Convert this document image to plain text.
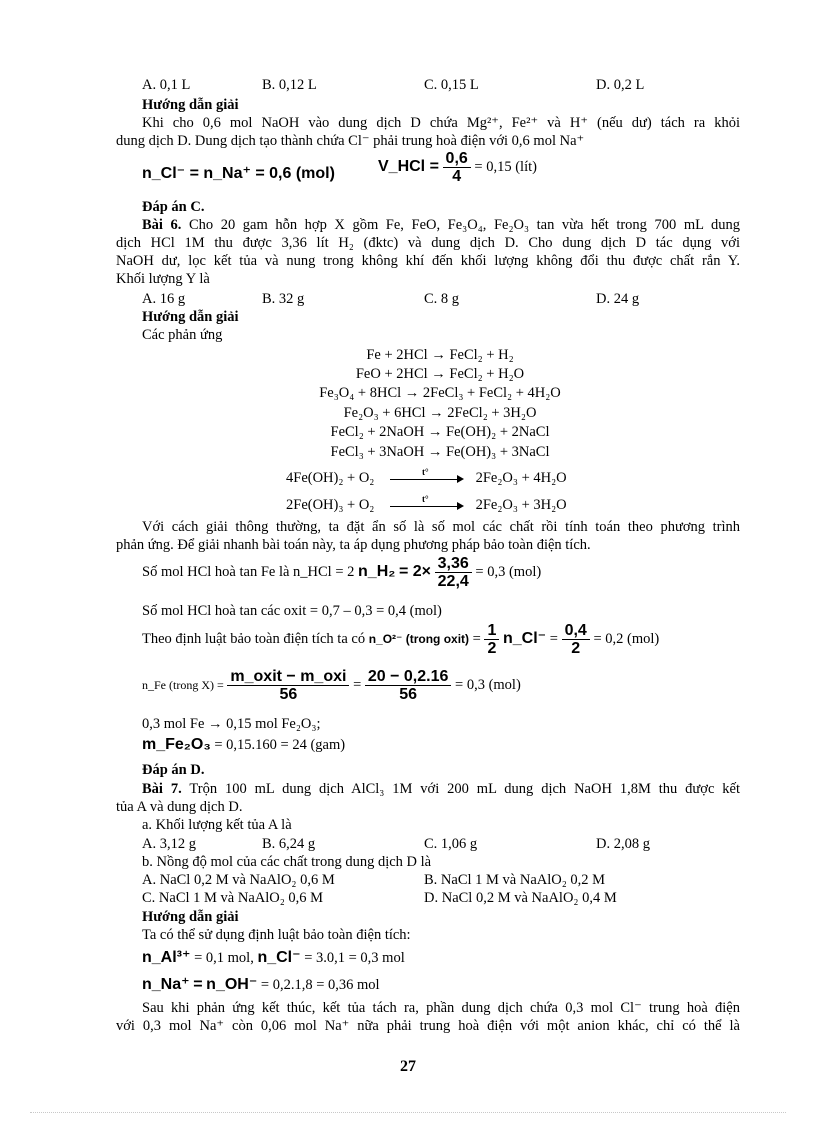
A. 0,1 L	B. 0,12 L	C. 0,15 L	D. 0,2 L
Hướng dẫn giải
Khi cho 0,6 mol NaOH vào dung dịch D chứa Mg²⁺, Fe²⁺ và H⁺ (nếu dư) tách ra khỏi
dung dịch D. Dung dịch tạo thành chứa Cl⁻ phải trung hoà điện với 0,6 mol Na⁺
n_Cl⁻ = n_Na⁺ = 0,6 (mol)	V_HCl = $\frac{0,6}{4} = 0,15$ (lít)
Đáp án C.
Bài 6. Cho 20 gam hỗn hợp X gồm Fe, FeO, Fe₃O₄, Fe₂O₃ tan vừa hết trong 700 mL dung
dịch HCl 1M thu được 3,36 lít H₂ (đktc) và dung dịch D. Cho dung dịch D tác dụng với
NaOH dư, lọc kết tủa và nung trong không khí đến khối lượng không đổi thu được chất rắn Y.
Khối lượng Y là
A. 16 g	B. 32 g	C. 8 g	D. 24 g
Hướng dẫn giải
Các phản ứng
Fe + 2HCl → FeCl₂ + H₂
FeO + 2HCl → FeCl₂ + H₂O
Fe₃O₄ + 8HCl → 2FeCl₃ + FeCl₂ + 4H₂O
Fe₂O₃ + 6HCl → 2FeCl₂ + 3H₂O
FeCl₂ + 2NaOH → Fe(OH)₂ + 2NaCl
FeCl₃ + 3NaOH → Fe(OH)₃ + 3NaCl
4Fe(OH)₂ + O₂	t°	2Fe₂O₃ + 4H₂O
2Fe(OH)₃ + O₂	t°	2Fe₂O₃ + 3H₂O
Với cách giải thông thường, ta đặt ẩn số là số mol các chất rồi tính toán theo phương trình
phản ứng. Để giải nhanh bài toán này, ta áp dụng phương pháp bảo toàn điện tích.
Số mol HCl hoà tan Fe là n_HCl = 2 n_H₂ = $2\times \frac{3,36}{22,4} = 0,3$ (mol)
Số mol HCl hoà tan các oxit = 0,7 – 0,3 = 0,4 (mol)
Theo định luật bảo toàn điện tích ta có n_O²⁻ (trong oxit) = $\frac{1}{2}$ n_Cl⁻ = $\frac{0,4}{2} = 0,2$ (mol)
n_Fe (trong $X) = \frac{\text{m\_oxit − m\_oxi}}{56} = \frac{20 - 0,2.16}{56} = 0,3$ (mol)
0,3 mol Fe → 0,15 mol Fe₂O₃;
m_Fe₂O₃ = 0,15.160 = 24 (gam)
Đáp án D.
Bài 7. Trộn 100 mL dung dịch AlCl₃ 1M với 200 mL dung dịch NaOH 1,8M thu được kết
tủa A và dung dịch D.
a. Khối lượng kết tủa A là
A. 3,12 g	B. 6,24 g	C. 1,06 g	D. 2,08 g
b. Nồng độ mol của các chất trong dung dịch D là
A. NaCl 0,2 M và NaAlO₂ 0,6 M	B. NaCl 1 M và NaAlO₂ 0,2 M
C. NaCl 1 M và NaAlO₂ 0,6 M	D. NaCl 0,2 M và NaAlO₂ 0,4 M
Hướng dẫn giải
Ta có thể sử dụng định luật bảo toàn điện tích:
n_Al³⁺ = 0,1 mol, n_Cl⁻ = 3.0,1 = 0,3 mol
n_Na⁺ = n_OH⁻ = 0,2.1,8 = 0,36 mol
Sau khi phản ứng kết thúc, kết tủa tách ra, phần dung dịch chứa 0,3 mol Cl⁻ trung hoà điện
với 0,3 mol Na⁺ còn 0,06 mol Na⁺ nữa phải trung hoà điện với một anion khác, chỉ có thể là
27
